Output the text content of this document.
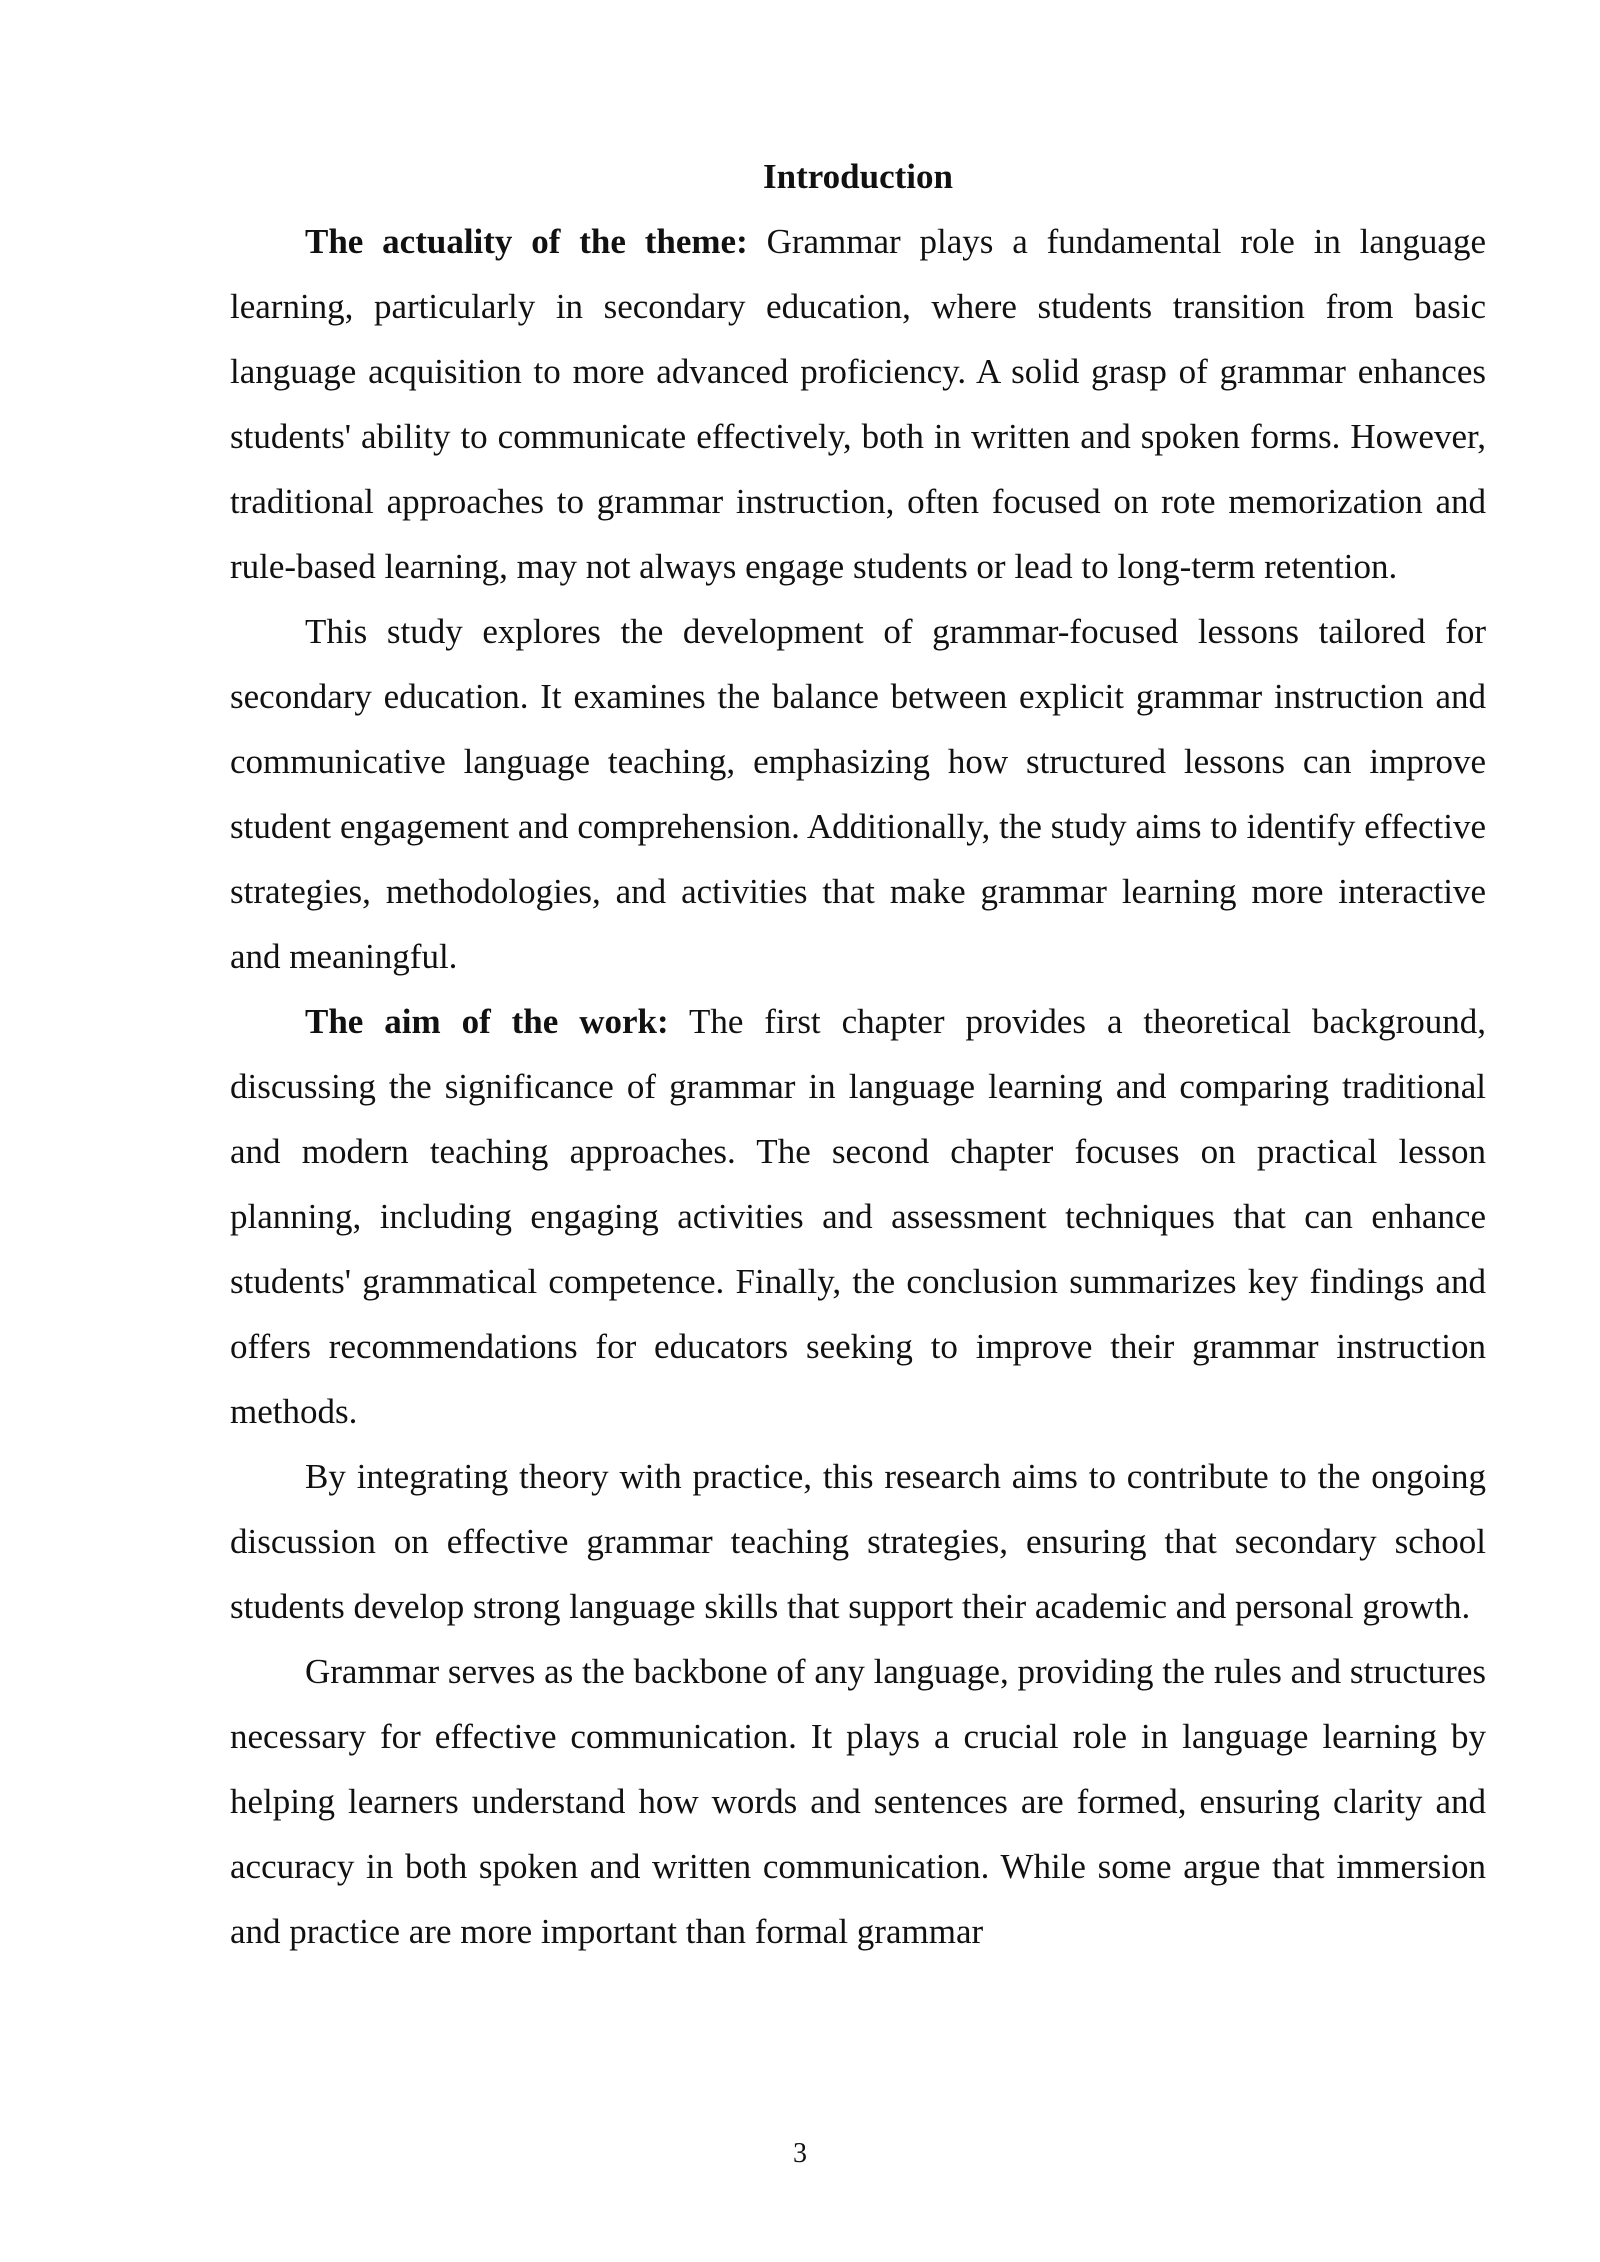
Introduction

The actuality of the theme: Grammar plays a fundamental role in language learning, particularly in secondary education, where students transition from basic language acquisition to more advanced proficiency. A solid grasp of grammar enhances students' ability to communicate effectively, both in written and spoken forms. However, traditional approaches to grammar instruction, often focused on rote memorization and rule-based learning, may not always engage students or lead to long-term retention.

This study explores the development of grammar-focused lessons tailored for secondary education. It examines the balance between explicit grammar instruction and communicative language teaching, emphasizing how structured lessons can improve student engagement and comprehension. Additionally, the study aims to identify effective strategies, methodologies, and activities that make grammar learning more interactive and meaningful.

The aim of the work: The first chapter provides a theoretical background, discussing the significance of grammar in language learning and comparing traditional and modern teaching approaches. The second chapter focuses on practical lesson planning, including engaging activities and assessment techniques that can enhance students' grammatical competence. Finally, the conclusion summarizes key findings and offers recommendations for educators seeking to improve their grammar instruction methods.

By integrating theory with practice, this research aims to contribute to the ongoing discussion on effective grammar teaching strategies, ensuring that secondary school students develop strong language skills that support their academic and personal growth.

Grammar serves as the backbone of any language, providing the rules and structures necessary for effective communication. It plays a crucial role in language learning by helping learners understand how words and sentences are formed, ensuring clarity and accuracy in both spoken and written communication. While some argue that immersion and practice are more important than formal grammar

3
